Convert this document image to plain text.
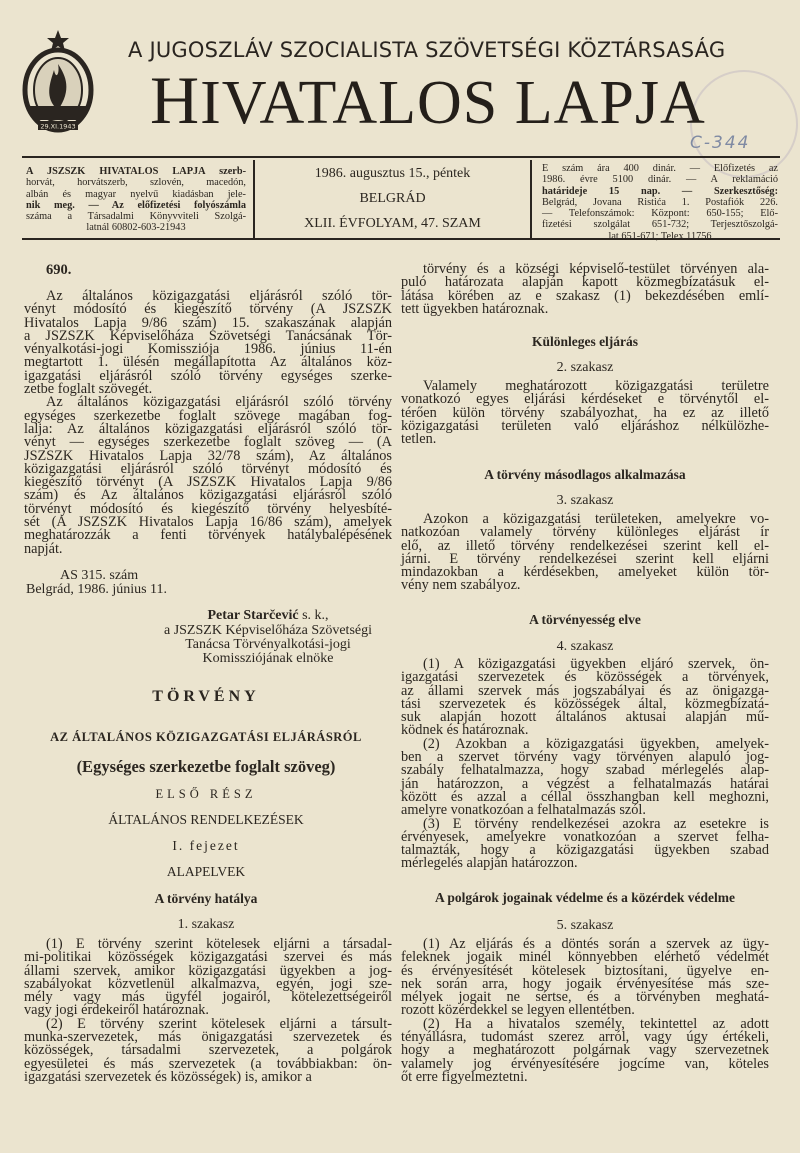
29.XI.1943
A JUGOSZLÁV SZOCIALISTA SZÖVETSÉGI KÖZTÁRSASÁG
HIVATALOS LAPJA
C-344
A JSZSZK HIVATALOS LAPJA szerb-
horvát, horvátszerb, szlovén, macedón,
albán és magyar nyelvű kiadásban jele-
nik meg. — Az előfizetési folyószámla
száma a Társadalmi Könyvviteli Szolgá-
latnál 60802-603-21943
1986. augusztus 15., péntek
BELGRÁD
XLII. ÉVFOLYAM, 47. SZAM
E szám ára 400 dinár. — Előfizetés az
1986. évre 5100 dinár. — A reklamáció
határideje 15 nap. — Szerkesztőség:
Belgrád, Jovana Ristića 1. Postafiók 226.
— Telefonszámok: Központ: 650-155; Elő-
fizetési szolgálat 651-732; Terjesztőszolgá-
lat 651-671; Telex 11756
690.
Az általános közigazgatási eljárásról szóló tör-
vényt módosító és kiegészítő törvény (A JSZSZK
Hivatalos Lapja 9/86 szám) 15. szakaszának alapján
a JSZSZK Képviselőháza Szövetségi Tanácsának Tör-
vényalkotási-jogi Komissziója 1986. június 11-én
megtartott 1. ülésén megállapította Az általános köz-
igazgatási eljárásról szóló törvény egységes szerke-
zetbe foglalt szövegét.
Az általános közigazgatási eljárásról szóló törvény
egységes szerkezetbe foglalt szövege magában fog-
lalja: Az általános közigazgatási eljárásról szóló tör-
vényt — egységes szerkezetbe foglalt szöveg — (A
JSZSZK Hivatalos Lapja 32/78 szám), Az általános
közigazgatási eljárásról szóló törvényt módosító és
kiegészítő törvényt (A JSZSZK Hivatalos Lapja 9/86
szám) és Az általános közigazgatási eljárásról szóló
törvényt módosító és kiegészítő törvény helyesbíté-
sét (A JSZSZK Hivatalos Lapja 16/86 szám), amelyek
meghatározzák a fenti törvények hatálybalépésének
napját.
AS 315. szám
Belgrád, 1986. június 11.
Petar Starčević s. k.,
a JSZSZK Képviselőháza Szövetségi
Tanácsa Törvényalkotási-jogi
Komissziójának elnöke
TÖRVÉNY
AZ ÁLTALÁNOS KÖZIGAZGATÁSI ELJÁRÁSRÓL
(Egységes szerkezetbe foglalt szöveg)
ELSŐ RÉSZ
ÁLTALÁNOS RENDELKEZÉSEK
I. fejezet
ALAPELVEK
A törvény hatálya
1. szakasz
(1) E törvény szerint kötelesek eljárni a társadal-
mi-politikai közösségek közigazgatási szervei és más
állami szervek, amikor közigazgatási ügyekben a jog-
szabályokat közvetlenül alkalmazva, egyén, jogi sze-
mély vagy más ügyfél jogairól, kötelezettségeiről
vagy jogi érdekeiről határoznak.
(2) E törvény szerint kötelesek eljárni a társult-
munka-szervezetek, más önigazgatási szervezetek és
közösségek, társadalmi szervezetek, a polgárok
egyesületei és más szervezetek (a továbbiakban: ön-
igazgatási szervezetek és közösségek) is, amikor a
törvény és a községi képviselő-testület törvényen ala-
puló határozata alapján kapott közmegbízatásuk el-
látása körében az e szakasz (1) bekezdésében emlí-
tett ügyekben határoznak.
Különleges eljárás
2. szakasz
Valamely meghatározott közigazgatási területre
vonatkozó egyes eljárási kérdéseket e törvénytől el-
térően külön törvény szabályozhat, ha ez az illető
közigazgatási területen való eljáráshoz nélkülözhe-
tetlen.
A törvény másodlagos alkalmazása
3. szakasz
Azokon a közigazgatási területeken, amelyekre vo-
natkozóan valamely törvény különleges eljárást ír
elő, az illető törvény rendelkezései szerint kell el-
járni. E törvény rendelkezései szerint kell eljárni
mindazokban a kérdésekben, amelyeket külön tör-
vény nem szabályoz.
A törvényesség elve
4. szakasz
(1) A közigazgatási ügyekben eljáró szervek, ön-
igazgatási szervezetek és közösségek a törvények,
az állami szervek más jogszabályai és az önigazga-
tási szervezetek és közösségek által, közmegbízatá-
suk alapján hozott általános aktusai alapján mű-
ködnek és határoznak.
(2) Azokban a közigazgatási ügyekben, amelyek-
ben a szervet törvény vagy törvényen alapuló jog-
szabály felhatalmazza, hogy szabad mérlegelés alap-
ján határozzon, a végzést a felhatalmazás határai
között és azzal a céllal összhangban kell meghozni,
amelyre vonatkozóan a felhatalmazás szól.
(3) E törvény rendelkezései azokra az esetekre is
érvényesek, amelyekre vonatkozóan a szervet felha-
talmazták, hogy a közigazgatási ügyekben szabad
mérlegelés alapján határozzon.
A polgárok jogainak védelme és a közérdek védelme
5. szakasz
(1) Az eljárás és a döntés során a szervek az ügy-
feleknek jogaik minél könnyebben elérhető védelmét
és érvényesítését kötelesek biztosítani, ügyelve en-
nek során arra, hogy jogaik érvényesítése más sze-
mélyek jogait ne sértse, és a törvényben meghatá-
rozott közérdekkel se legyen ellentétben.
(2) Ha a hivatalos személy, tekintettel az adott
tényállásra, tudomást szerez arról, vagy úgy értékeli,
hogy a meghatározott polgárnak vagy szervezetnek
valamely jog érvényesítésére jogcíme van, köteles
őt erre figyelmeztetni.
